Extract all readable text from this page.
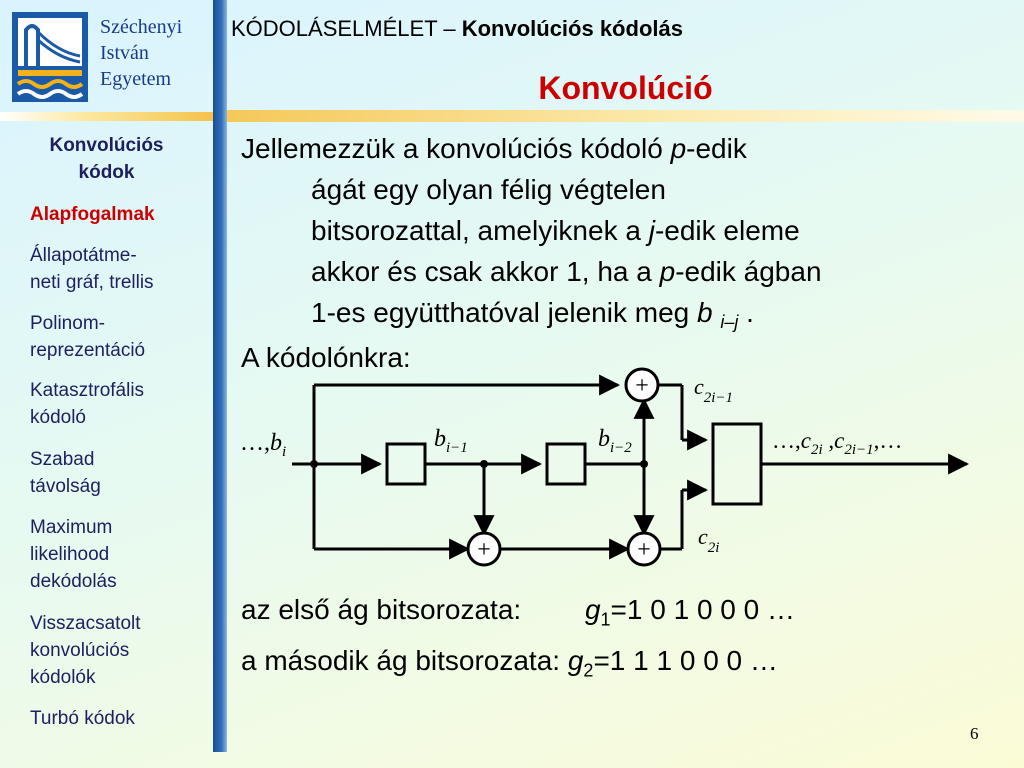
Széchenyi
István
Egyetem
KÓDOLÁSELMÉLET – Konvolúciós kódolás
Konvolúció
Konvolúciós
kódok
Alapfogalmak
Állapotátme-
neti gráf, trellis
Polinom-
reprezentáció
Katasztrofális
kódoló
Szabad
távolság
Maximum
likelihood
dekódolás
Visszacsatolt
konvolúciós
kódolók
Turbó kódok
Jellemezzük a konvolúciós kódoló p-edik
ágát egy olyan félig végtelen
bitsorozattal, amelyiknek a j-edik eleme
akkor és csak akkor 1, ha a p-edik ágban
1-es együtthatóval jelenik meg b $_{i-j}$ .
A kódolónkra:
+
+	+
$\dots,b_i$	$b_{i-1}$	$b_{i-2}$
$c_{2i-1}$
$c_{2i}$
$\dots,c_{2i}$ $,c_{2i-1},\dots$
az első ág bitsorozata: $g_1=1$ 0 1 0 0 0 …
a második ág bitsorozata: $g_2=1$ 1 1 0 0 0 …
6
